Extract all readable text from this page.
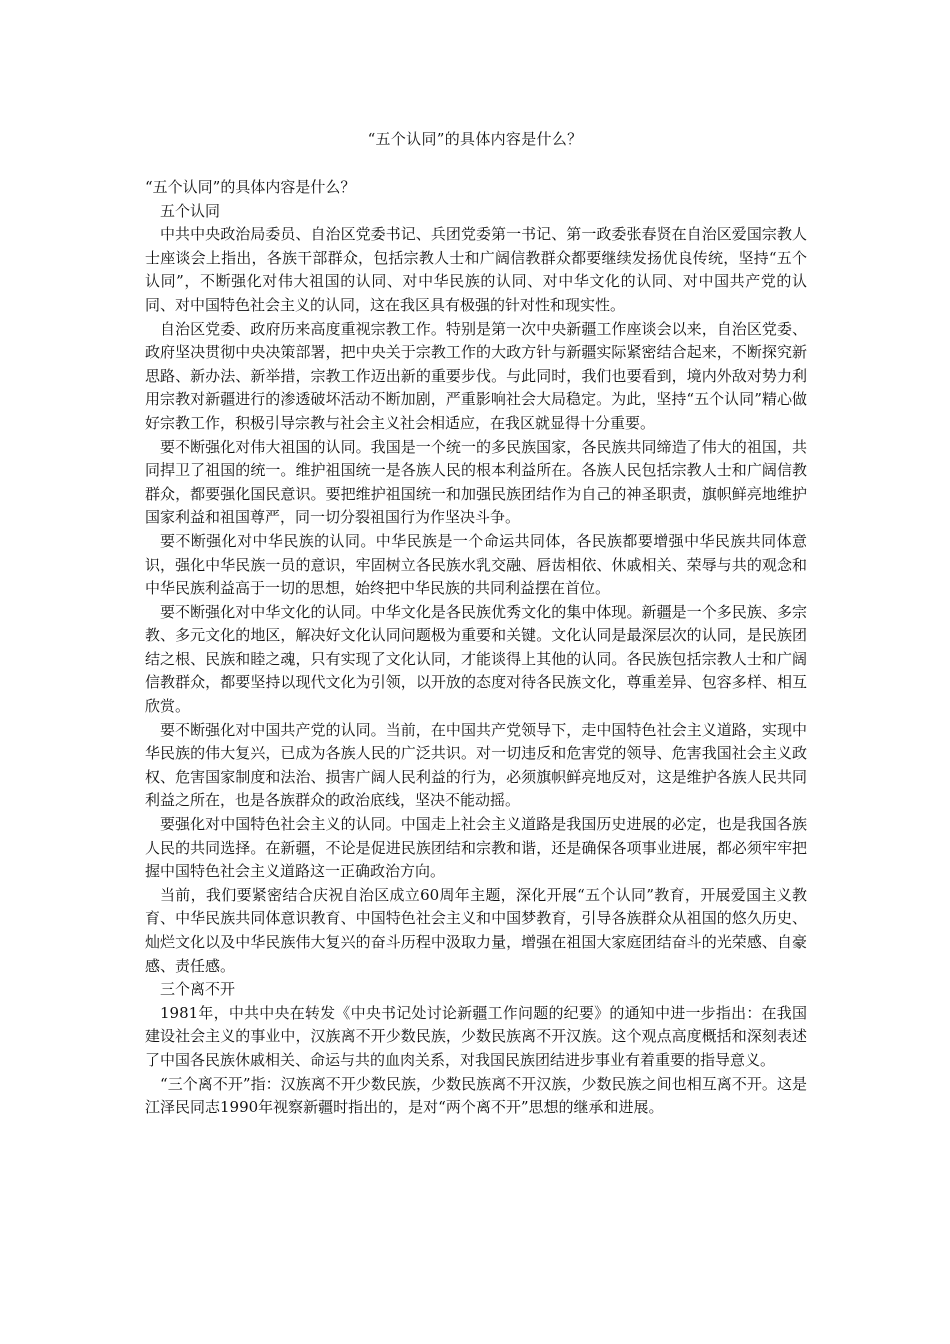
“五个认同”的具体内容是什么？

“五个认同”的具体内容是什么？

五个认同

中共中央政治局委员、自治区党委书记、兵团党委第一书记、第一政委张春贤在自治区爱国宗教人士座谈会上指出，各族干部群众，包括宗教人士和广阔信教群众都要继续发扬优良传统，坚持“五个认同”，不断强化对伟大祖国的认同、对中华民族的认同、对中华文化的认同、对中国共产党的认同、对中国特色社会主义的认同，这在我区具有极强的针对性和现实性。

自治区党委、政府历来高度重视宗教工作。特别是第一次中央新疆工作座谈会以来，自治区党委、政府坚决贯彻中央决策部署，把中央关于宗教工作的大政方针与新疆实际紧密结合起来，不断探究新思路、新办法、新举措，宗教工作迈出新的重要步伐。与此同时，我们也要看到，境内外敌对势力利用宗教对新疆进行的渗透破坏活动不断加剧，严重影响社会大局稳定。为此，坚持“五个认同”精心做好宗教工作，积极引导宗教与社会主义社会相适应，在我区就显得十分重要。

要不断强化对伟大祖国的认同。我国是一个统一的多民族国家，各民族共同缔造了伟大的祖国，共同捍卫了祖国的统一。维护祖国统一是各族人民的根本利益所在。各族人民包括宗教人士和广阔信教群众，都要强化国民意识。要把维护祖国统一和加强民族团结作为自己的神圣职责，旗帜鲜亮地维护国家利益和祖国尊严，同一切分裂祖国行为作坚决斗争。

要不断强化对中华民族的认同。中华民族是一个命运共同体，各民族都要增强中华民族共同体意识，强化中华民族一员的意识，牢固树立各民族水乳交融、唇齿相依、休戚相关、荣辱与共的观念和中华民族利益高于一切的思想，始终把中华民族的共同利益摆在首位。

要不断强化对中华文化的认同。中华文化是各民族优秀文化的集中体现。新疆是一个多民族、多宗教、多元文化的地区，解决好文化认同问题极为重要和关键。文化认同是最深层次的认同，是民族团结之根、民族和睦之魂，只有实现了文化认同，才能谈得上其他的认同。各民族包括宗教人士和广阔信教群众，都要坚持以现代文化为引领，以开放的态度对待各民族文化，尊重差异、包容多样、相互欣赏。

要不断强化对中国共产党的认同。当前，在中国共产党领导下，走中国特色社会主义道路，实现中华民族的伟大复兴，已成为各族人民的广泛共识。对一切违反和危害党的领导、危害我国社会主义政权、危害国家制度和法治、损害广阔人民利益的行为，必须旗帜鲜亮地反对，这是维护各族人民共同利益之所在，也是各族群众的政治底线，坚决不能动摇。

要强化对中国特色社会主义的认同。中国走上社会主义道路是我国历史进展的必定，也是我国各族人民的共同选择。在新疆，不论是促进民族团结和宗教和谐，还是确保各项事业进展，都必须牢牢把握中国特色社会主义道路这一正确政治方向。

当前，我们要紧密结合庆祝自治区成立60周年主题，深化开展“五个认同”教育，开展爱国主义教育、中华民族共同体意识教育、中国特色社会主义和中国梦教育，引导各族群众从祖国的悠久历史、灿烂文化以及中华民族伟大复兴的奋斗历程中汲取力量，增强在祖国大家庭团结奋斗的光荣感、自豪感、责任感。

三个离不开

1981年，中共中央在转发《中央书记处讨论新疆工作问题的纪要》的通知中进一步指出：在我国建设社会主义的事业中，汉族离不开少数民族，少数民族离不开汉族。这个观点高度概括和深刻表述了中国各民族休戚相关、命运与共的血肉关系，对我国民族团结进步事业有着重要的指导意义。

“三个离不开”指：汉族离不开少数民族，少数民族离不开汉族，少数民族之间也相互离不开。这是江泽民同志1990年视察新疆时指出的，是对“两个离不开”思想的继承和进展。
